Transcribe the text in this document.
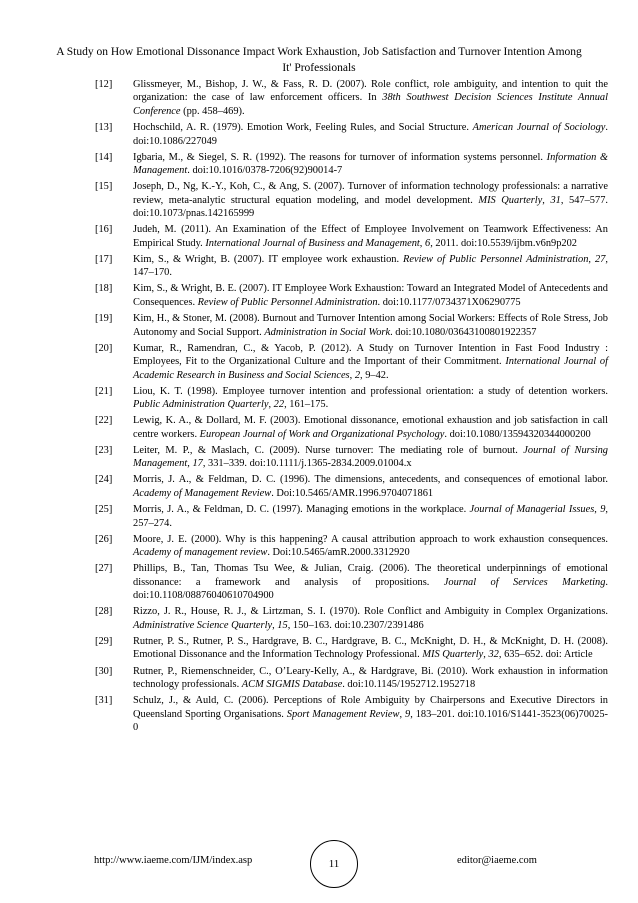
A Study on How Emotional Dissonance Impact Work Exhaustion, Job Satisfaction and Turnover Intention Among
It' Professionals
[12]	Glissmeyer, M., Bishop, J. W., & Fass, R. D. (2007). Role conflict, role ambiguity, and intention to quit the organization: the case of law enforcement officers. In 38th Southwest Decision Sciences Institute Annual Conference (pp. 458–469).
[13]	Hochschild, A. R. (1979). Emotion Work, Feeling Rules, and Social Structure. American Journal of Sociology. doi:10.1086/227049
[14]	Igbaria, M., & Siegel, S. R. (1992). The reasons for turnover of information systems personnel. Information & Management. doi:10.1016/0378-7206(92)90014-7
[15]	Joseph, D., Ng, K.-Y., Koh, C., & Ang, S. (2007). Turnover of information technology professionals: a narrative review, meta-analytic structural equation modeling, and model development. MIS Quarterly, 31, 547–577. doi:10.1073/pnas.142165999
[16]	Judeh, M. (2011). An Examination of the Effect of Employee Involvement on Teamwork Effectiveness: An Empirical Study. International Journal of Business and Management, 6, 2011. doi:10.5539/ijbm.v6n9p202
[17]	Kim, S., & Wright, B. (2007). IT employee work exhaustion. Review of Public Personnel Administration, 27, 147–170.
[18]	Kim, S., & Wright, B. E. (2007). IT Employee Work Exhaustion: Toward an Integrated Model of Antecedents and Consequences. Review of Public Personnel Administration. doi:10.1177/0734371X06290775
[19]	Kim, H., & Stoner, M. (2008). Burnout and Turnover Intention among Social Workers: Effects of Role Stress, Job Autonomy and Social Support. Administration in Social Work. doi:10.1080/03643100801922357
[20]	Kumar, R., Ramendran, C., & Yacob, P. (2012). A Study on Turnover Intention in Fast Food Industry : Employees, Fit to the Organizational Culture and the Important of their Commitment. International Journal of Academic Research in Business and Social Sciences, 2, 9–42.
[21]	Liou, K. T. (1998). Employee turnover intention and professional orientation: a study of detention workers. Public Administration Quarterly, 22, 161–175.
[22]	Lewig, K. A., & Dollard, M. F. (2003). Emotional dissonance, emotional exhaustion and job satisfaction in call centre workers. European Journal of Work and Organizational Psychology. doi:10.1080/13594320344000200
[23]	Leiter, M. P., & Maslach, C. (2009). Nurse turnover: The mediating role of burnout. Journal of Nursing Management, 17, 331–339. doi:10.1111/j.1365-2834.2009.01004.x
[24]	Morris, J. A., & Feldman, D. C. (1996). The dimensions, antecedents, and consequences of emotional labor. Academy of Management Review. Doi:10.5465/AMR.1996.9704071861
[25]	Morris, J. A., & Feldman, D. C. (1997). Managing emotions in the workplace. Journal of Managerial Issues, 9, 257–274.
[26]	Moore, J. E. (2000). Why is this happening? A causal attribution approach to work exhaustion consequences. Academy of management review. Doi:10.5465/amR.2000.3312920
[27]	Phillips, B., Tan, Thomas Tsu Wee, & Julian, Craig. (2006). The theoretical underpinnings of emotional dissonance: a framework and analysis of propositions. Journal of Services Marketing. doi:10.1108/08876040610704900
[28]	Rizzo, J. R., House, R. J., & Lirtzman, S. I. (1970). Role Conflict and Ambiguity in Complex Organizations. Administrative Science Quarterly, 15, 150–163. doi:10.2307/2391486
[29]	Rutner, P. S., Rutner, P. S., Hardgrave, B. C., Hardgrave, B. C., McKnight, D. H., & McKnight, D. H. (2008). Emotional Dissonance and the Information Technology Professional. MIS Quarterly, 32, 635–652. doi: Article
[30]	Rutner, P., Riemenschneider, C., O’Leary-Kelly, A., & Hardgrave, Bi. (2010). Work exhaustion in information technology professionals. ACM SIGMIS Database. doi:10.1145/1952712.1952718
[31]	Schulz, J., & Auld, C. (2006). Perceptions of Role Ambiguity by Chairpersons and Executive Directors in Queensland Sporting Organisations. Sport Management Review, 9, 183–201. doi:10.1016/S1441-3523(06)70025-0
http://www.iaeme.com/IJM/index.asp	11	editor@iaeme.com
